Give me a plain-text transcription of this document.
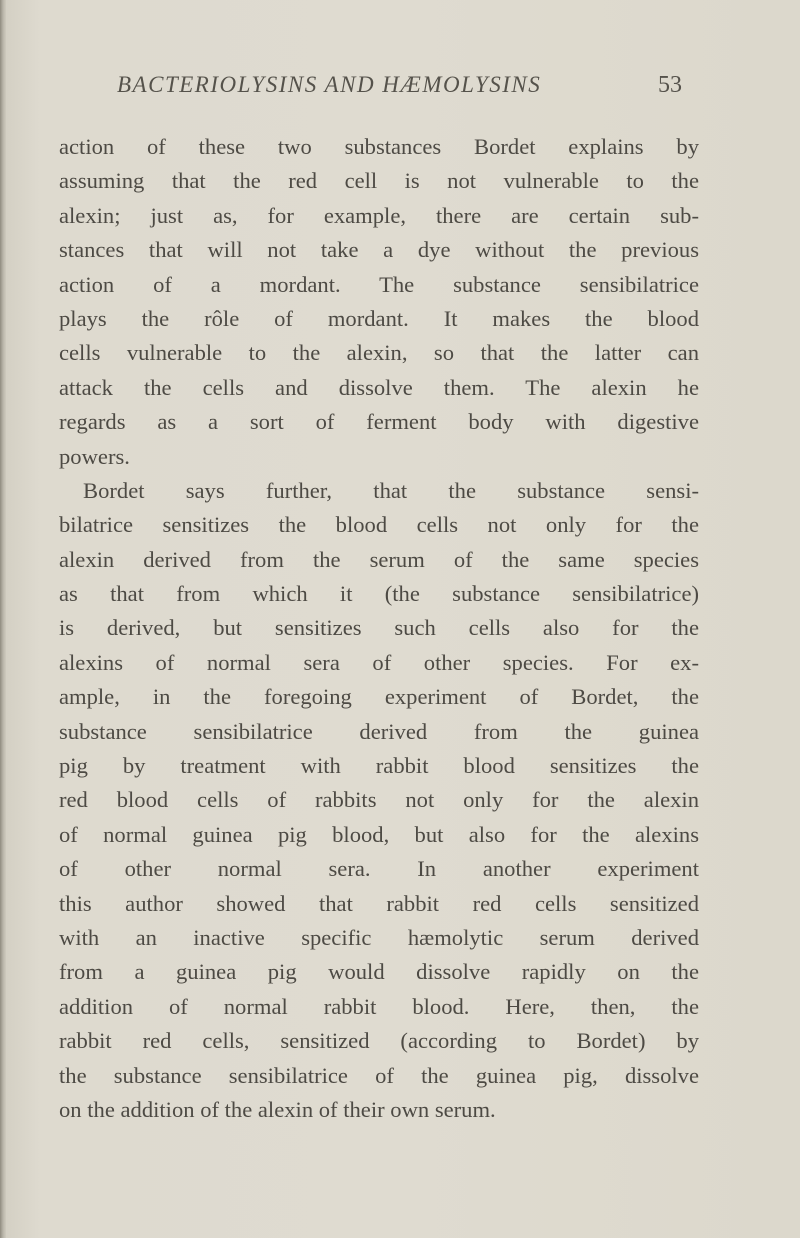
BACTERIOLYSINS AND HÆMOLYSINS	53
action of these two substances Bordet explains by
assuming that the red cell is not vulnerable to the
alexin; just as, for example, there are certain sub-
stances that will not take a dye without the previous
action of a mordant. The substance sensibilatrice
plays the rôle of mordant. It makes the blood
cells vulnerable to the alexin, so that the latter can
attack the cells and dissolve them. The alexin he
regards as a sort of ferment body with digestive
powers.
Bordet says further, that the substance sensi-
bilatrice sensitizes the blood cells not only for the
alexin derived from the serum of the same species
as that from which it (the substance sensibilatrice)
is derived, but sensitizes such cells also for the
alexins of normal sera of other species. For ex-
ample, in the foregoing experiment of Bordet, the
substance sensibilatrice derived from the guinea
pig by treatment with rabbit blood sensitizes the
red blood cells of rabbits not only for the alexin
of normal guinea pig blood, but also for the alexins
of other normal sera. In another experiment
this author showed that rabbit red cells sensitized
with an inactive specific hæmolytic serum derived
from a guinea pig would dissolve rapidly on the
addition of normal rabbit blood. Here, then, the
rabbit red cells, sensitized (according to Bordet) by
the substance sensibilatrice of the guinea pig, dissolve
on the addition of the alexin of their own serum.
